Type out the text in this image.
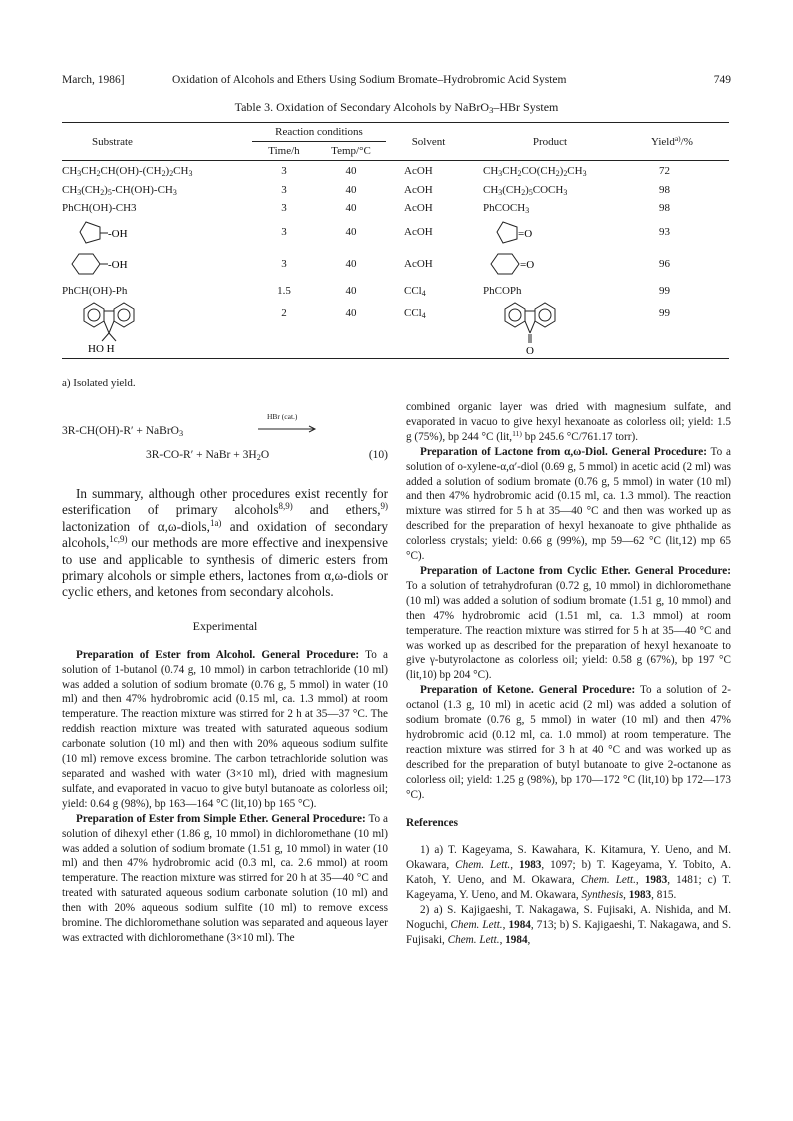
March, 1986]	Oxidation of Alcohols and Ethers Using Sodium Bromate–Hydrobromic Acid System	749
Table 3. Oxidation of Secondary Alcohols by NaBrO$_3$–HBr System
Substrate	Reaction conditions		Solvent	Product	Yield$^{a)}$/%
	Time/h	Temp/°C			
$CH_3CH_2CH(OH)-(CH_2)_2CH_3$	3	40	AcOH	$CH_3CH_2CO(CH_2)_2CH_3$	72
$CH_3(CH_2)_5-CH(OH)-CH_3$	3	40	AcOH	$CH_3(CH_2)_5COCH_3$	98
PhCH(OH)-CH3	3	40	AcOH	PhCOCH$_3$	98

-OH	3	40	AcOH	=O	93

-OH	3	40	AcOH	=O	96
PhCH(OH)-Ph	1.5	40	CCl$_4$	PhCOPh	99

HO H	2	40	CCl$_4$	O	99
a) Isolated yield.
3R-CH(OH)-R′ + NaBrO$_3$
HBr (cat.)
3R-CO-R′ + NaBr + $3H_2O$	(10)

In summary, although other procedures exist recently for esterification of primary alcohols$^{8,9)}$ and ethers,$^{9)}$ lactonization of α,ω-diols,$^{1a)}$ and oxidation of secondary alcohols,$^{1c,9)}$ our methods are more effective and inexpensive to use and applicable to synthesis of dimeric esters from primary alcohols or simple ethers, lactones from α,ω-diols or cyclic ethers, and ketones from secondary alcohols.

Experimental

Preparation of Ester from Alcohol. General Procedure: To a solution of 1-butanol (0.74 g, 10 mmol) in carbon tetrachloride (10 ml) was added a solution of sodium bromate (0.76 g, 5 mmol) in water (10 ml) and then 47% hydrobromic acid (0.15 ml, ca. 1.3 mmol) at room temperature. The reaction mixture was stirred for 2 h at 35—37 °C. The reddish reaction mixture was treated with saturated aqueous sodium carbonate solution (10 ml) and then with 20% aqueous sodium sulfite (10 ml) remove excess bromine. The carbon tetrachloride solution was separated and washed with water (3×10 ml), dried with magnesium sulfate, and evaporated in vacuo to give butyl butanoate as colorless oil; yield: 0.64 g (98%), bp 163—164 °C (lit,10) bp 165 °C).

Preparation of Ester from Simple Ether. General Procedure: To a solution of dihexyl ether (1.86 g, 10 mmol) in dichloromethane (10 ml) was added a solution of sodium bromate (1.51 g, 10 mmol) in water (10 ml) and then 47% hydrobromic acid (0.3 ml, ca. 2.6 mmol) at room temperature. The reaction mixture was stirred for 20 h at 35—40 °C and treated with saturated aqueous sodium carbonate solution (10 ml) and then with 20% aqueous sodium sulfite (10 ml) to remove excess bromine. The dichloromethane solution was separated and aqueous layer was extracted with dichloromethane (3×10 ml). The

combined organic layer was dried with magnesium sulfate, and evaporated in vacuo to give hexyl hexanoate as colorless oil; yield: 1.5 g (75%), bp 244 °C (lit,$^{11)}$ bp 245.6 °C/761.17 torr).

Preparation of Lactone from α,ω-Diol. General Procedure: To a solution of o-xylene-α,α′-diol (0.69 g, 5 mmol) in acetic acid (2 ml) was added a solution of sodium bromate (0.76 g, 5 mmol) in water (10 ml) and then 47% hydrobromic acid (0.15 ml, ca. 1.3 mmol). The reaction mixture was stirred for 5 h at 35—40 °C and then was worked up as described for the preparation of hexyl hexanoate to give phthalide as colorless crystals; yield: 0.66 g (99%), mp 59—62 °C (lit,12) mp 65 °C).

Preparation of Lactone from Cyclic Ether. General Procedure: To a solution of tetrahydrofuran (0.72 g, 10 mmol) in dichloromethane (10 ml) was added a solution of sodium bromate (1.51 g, 10 mmol) and then 47% hydrobromic acid (1.51 ml, ca. 1.3 mmol) at room temperature. The reaction mixture was stirred for 5 h at 35—40 °C and was worked up as described for the preparation of hexyl hexanoate to give γ-butyrolactone as colorless oil; yield: 0.58 g (67%), bp 197 °C (lit,10) bp 204 °C).

Preparation of Ketone. General Procedure: To a solution of 2-octanol (1.3 g, 10 ml) in acetic acid (2 ml) was added a solution of sodium bromate (0.76 g, 5 mmol) in water (10 ml) and then 47% hydrobromic acid (0.12 ml, ca. 1.0 mmol) at room temperature. The reaction mixture was stirred for 3 h at 40 °C and was worked up as described for the preparation of butyl butanoate to give 2-octanone as colorless oil; yield: 1.25 g (98%), bp 170—172 °C (lit,10) bp 172—173 °C).

References

1) a) T. Kageyama, S. Kawahara, K. Kitamura, Y. Ueno, and M. Okawara, Chem. Lett., 1983, 1097; b) T. Kageyama, Y. Tobito, A. Katoh, Y. Ueno, and M. Okawara, Chem. Lett., 1983, 1481; c) T. Kageyama, Y. Ueno, and M. Okawara, Synthesis, 1983, 815.

2) a) S. Kajigaeshi, T. Nakagawa, S. Fujisaki, A. Nishida, and M. Noguchi, Chem. Lett., 1984, 713; b) S. Kajigaeshi, T. Nakagawa, and S. Fujisaki, Chem. Lett., 1984,
